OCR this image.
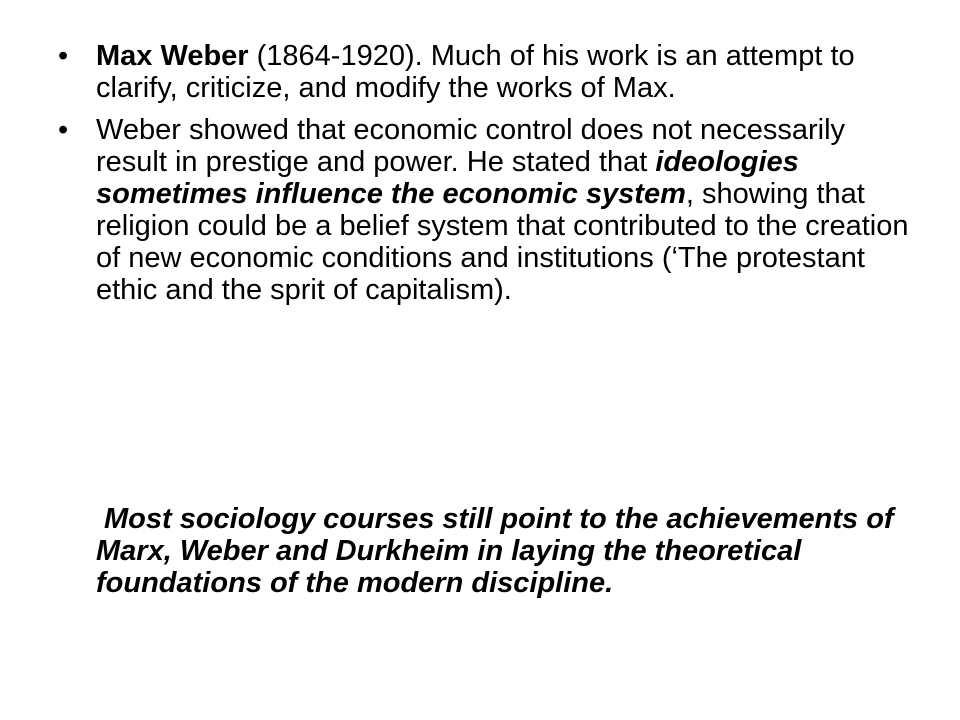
• Max Weber (1864-1920). Much of his work is an attempt to clarify, criticize, and modify the works of Max.
• Weber showed that economic control does not necessarily result in prestige and power. He stated that ideologies sometimes influence the economic system, showing that religion could be a belief system that contributed to the creation of new economic conditions and institutions (‘The protestant ethic and the sprit of capitalism).
Most sociology courses still point to the achievements of Marx, Weber and Durkheim in laying the theoretical foundations of the modern discipline.
